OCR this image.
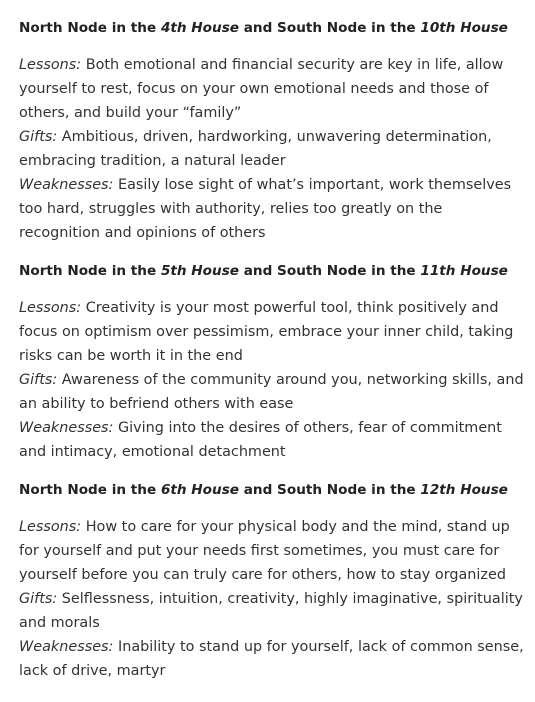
North Node in the 4th House and South Node in the 10th House

Lessons: Both emotional and financial security are key in life, allow yourself to rest, focus on your own emotional needs and those of others, and build your “family”

Gifts: Ambitious, driven, hardworking, unwavering determination, embracing tradition, a natural leader

Weaknesses: Easily lose sight of what’s important, work themselves too hard, struggles with authority, relies too greatly on the recognition and opinions of others

North Node in the 5th House and South Node in the 11th House

Lessons: Creativity is your most powerful tool, think positively and focus on optimism over pessimism, embrace your inner child, taking risks can be worth it in the end

Gifts: Awareness of the community around you, networking skills, and an ability to befriend others with ease

Weaknesses: Giving into the desires of others, fear of commitment and intimacy, emotional detachment

North Node in the 6th House and South Node in the 12th House

Lessons: How to care for your physical body and the mind, stand up for yourself and put your needs first sometimes, you must care for yourself before you can truly care for others, how to stay organized

Gifts: Selflessness, intuition, creativity, highly imaginative, spirituality and morals

Weaknesses: Inability to stand up for yourself, lack of common sense, lack of drive, martyr
